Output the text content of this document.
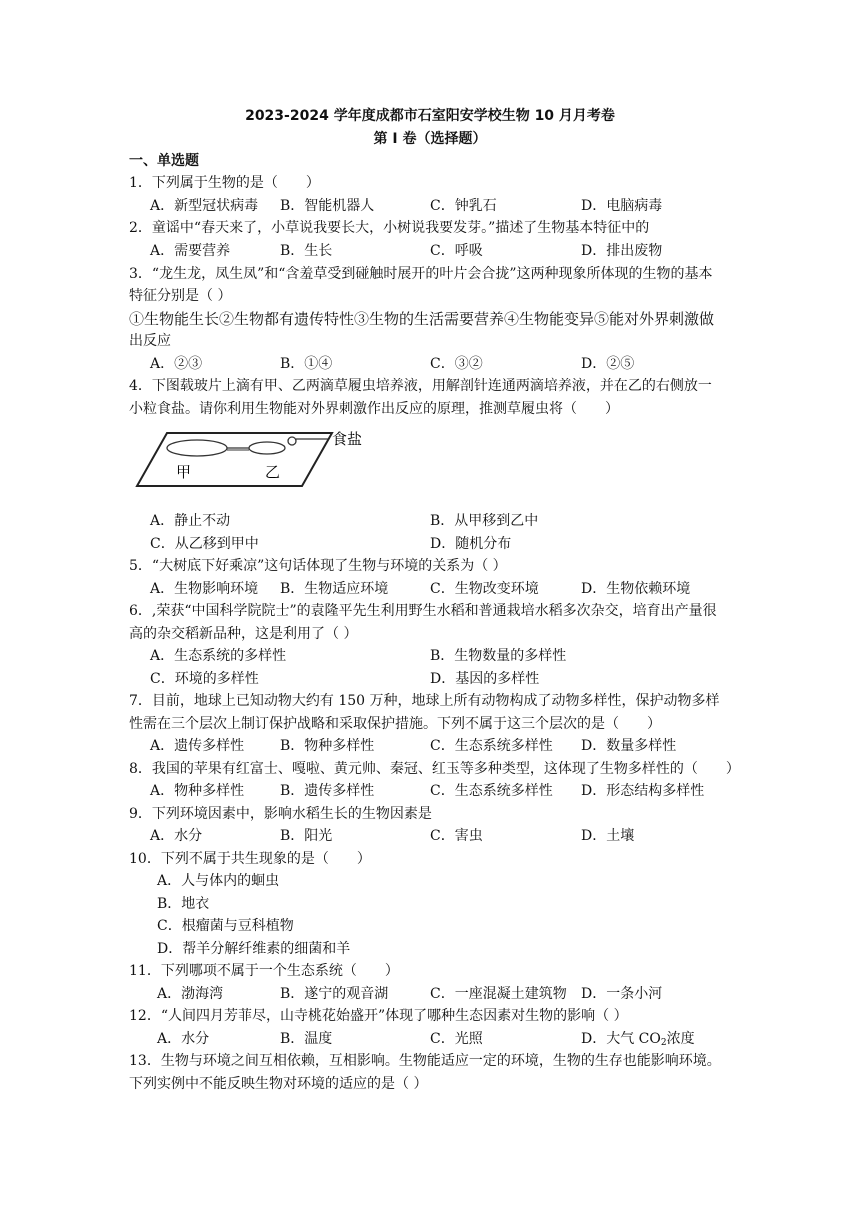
2023-2024 学年度成都市石室阳安学校生物 10 月月考卷
第 I 卷（选择题）
一、单选题
1．下列属于生物的是（　　）
A．新型冠状病毒 B．智能机器人	C．钟乳石	D．电脑病毒
2．童谣中“春天来了，小草说我要长大，小树说我要发芽。”描述了生物基本特征中的
A．需要营养	B．生长	C．呼吸	D．排出废物
3．“龙生龙，凤生凤”和“含羞草受到碰触时展开的叶片会合拢”这两种现象所体现的生物的基本
特征分别是（ ）
①生物能生长②生物都有遗传特性③生物的生活需要营养④生物能变异⑤能对外界刺激做
出反应
A．②③	B．①④	C．③②	D．②⑤
4．下图载玻片上滴有甲、乙两滴草履虫培养液，用解剖针连通两滴培养液，并在乙的右侧放一
小粒食盐。请你利用生物能对外界刺激作出反应的原理，推测草履虫将（　　）
甲	乙
食盐
A．静止不动	B．从甲移到乙中
C．从乙移到甲中	D．随机分布
5．“大树底下好乘凉”这句话体现了生物与环境的关系为（ ）
A．生物影响环境 B．生物适应环境	C．生物改变环境	D．生物依赖环境
6．,荣获“中国科学院院士”的袁隆平先生利用野生水稻和普通栽培水稻多次杂交，培育出产量很
高的杂交稻新品种，这是利用了（ ）
A．生态系统的多样性	B．生物数量的多样性
C．环境的多样性	D．基因的多样性
7．目前，地球上已知动物大约有 150 万种，地球上所有动物构成了动物多样性，保护动物多样
性需在三个层次上制订保护战略和采取保护措施。下列不属于这三个层次的是（　　）
A．遗传多样性	B．物种多样性	C．生态系统多样性 D．数量多样性
8．我国的苹果有红富士、嘎啦、黄元帅、秦冠、红玉等多种类型，这体现了生物多样性的（　　）
A．物种多样性	B．遗传多样性	C．生态系统多样性 D．形态结构多样性
9．下列环境因素中，影响水稻生长的生物因素是
A．水分	B．阳光	C．害虫	D．土壤
10．下列不属于共生现象的是（　　）
A．人与体内的蛔虫
B．地衣
C．根瘤菌与豆科植物
D．帮羊分解纤维素的细菌和羊
11．下列哪项不属于一个生态系统（　　）
A．渤海湾	B．遂宁的观音湖	C．一座混凝土建筑物 D．一条小河
12．“人间四月芳菲尽，山寺桃花始盛开”体现了哪种生态因素对生物的影响（ ）
A．水分	B．温度	C．光照	D．大气 $CO_2$浓度
13．生物与环境之间互相依赖，互相影响。生物能适应一定的环境，生物的生存也能影响环境。
下列实例中不能反映生物对环境的适应的是（ ）
